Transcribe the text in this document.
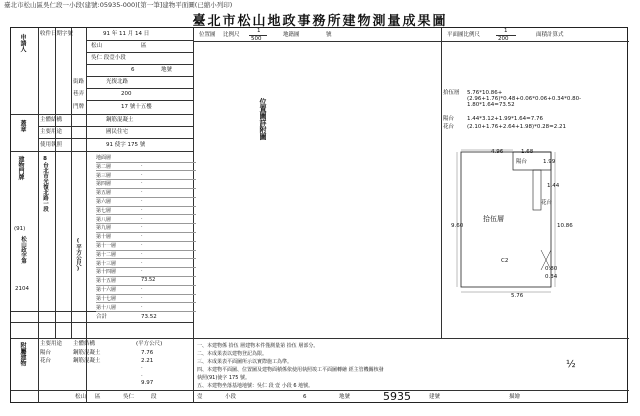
臺北市松山區吳仁段一小段(建號:05935-000)[第一筆]建物平面圖(已縮小列印)
臺北市松山地政事務所建物測量成果圖
申請人	收件日期字號	91 年 11 月 14 日
松山	區
吳仁 段壹小段
6	地號
街路	光復北路
巷弄	200
門牌	17 號十五樓
主體結構	鋼筋混凝土
主要用途	國民住宅
使用執照	91 使字 175 號
蓋章
建物門牌	8台北市光復北路一段
(91)
松山政字第
2104
(平方公尺)
地面層
第二層	·
第三層	·
第四層	·
第五層	·
第六層	·
第七層	·
第八層	·
第九層	·
第十層	·
第十一層	·
第十二層	·
第十三層	·
第十四層	·
第十五層	73.52
第十六層	·
第十七層	·
第十八層	·
合計	73.52
附屬建物	主要用途 主體結構	(平方公尺)
陽台	鋼筋混凝土	7.76
花台	鋼筋混凝土	2.21
·
·
9.97
位置圖 比例尺
1
500
地籍圖	號
位置圖詳附圖
平面圖比例尺
1
200
面積計算式
拾伍層 5.76*10.86+(2.96+1.76)*0.48+0.06*0.06+0.34*0.80-1.80*1.64=73.52
陽台 1.44*3.12+1.99*1.64=7.76
花台 (2.10+1.76+2.64+1.98)*0.28=2.21
4.96	1.68
陽台	1.99
1.44
花台
9.60	10.86
拾伍層
C2
0.80
0.34
5.76
一、本建物係 拾伍 層建物本件僅測量第 拾伍 層部分。
二、本成果表以建物登記為限。
三、本成果表平面圖所示以實際施工為準。
四、本建物平面圖、位置圖及建物面積係依使用執照竣工平面圖轉繪 經主管機關核發
執照(91)使字 175 號。
五、本建物坐落基地地號：吳仁 段 壹 小段 6 地號。
½
松山 區	吳仁	段	壹	小段	6	地號	5935	建號	描繪
